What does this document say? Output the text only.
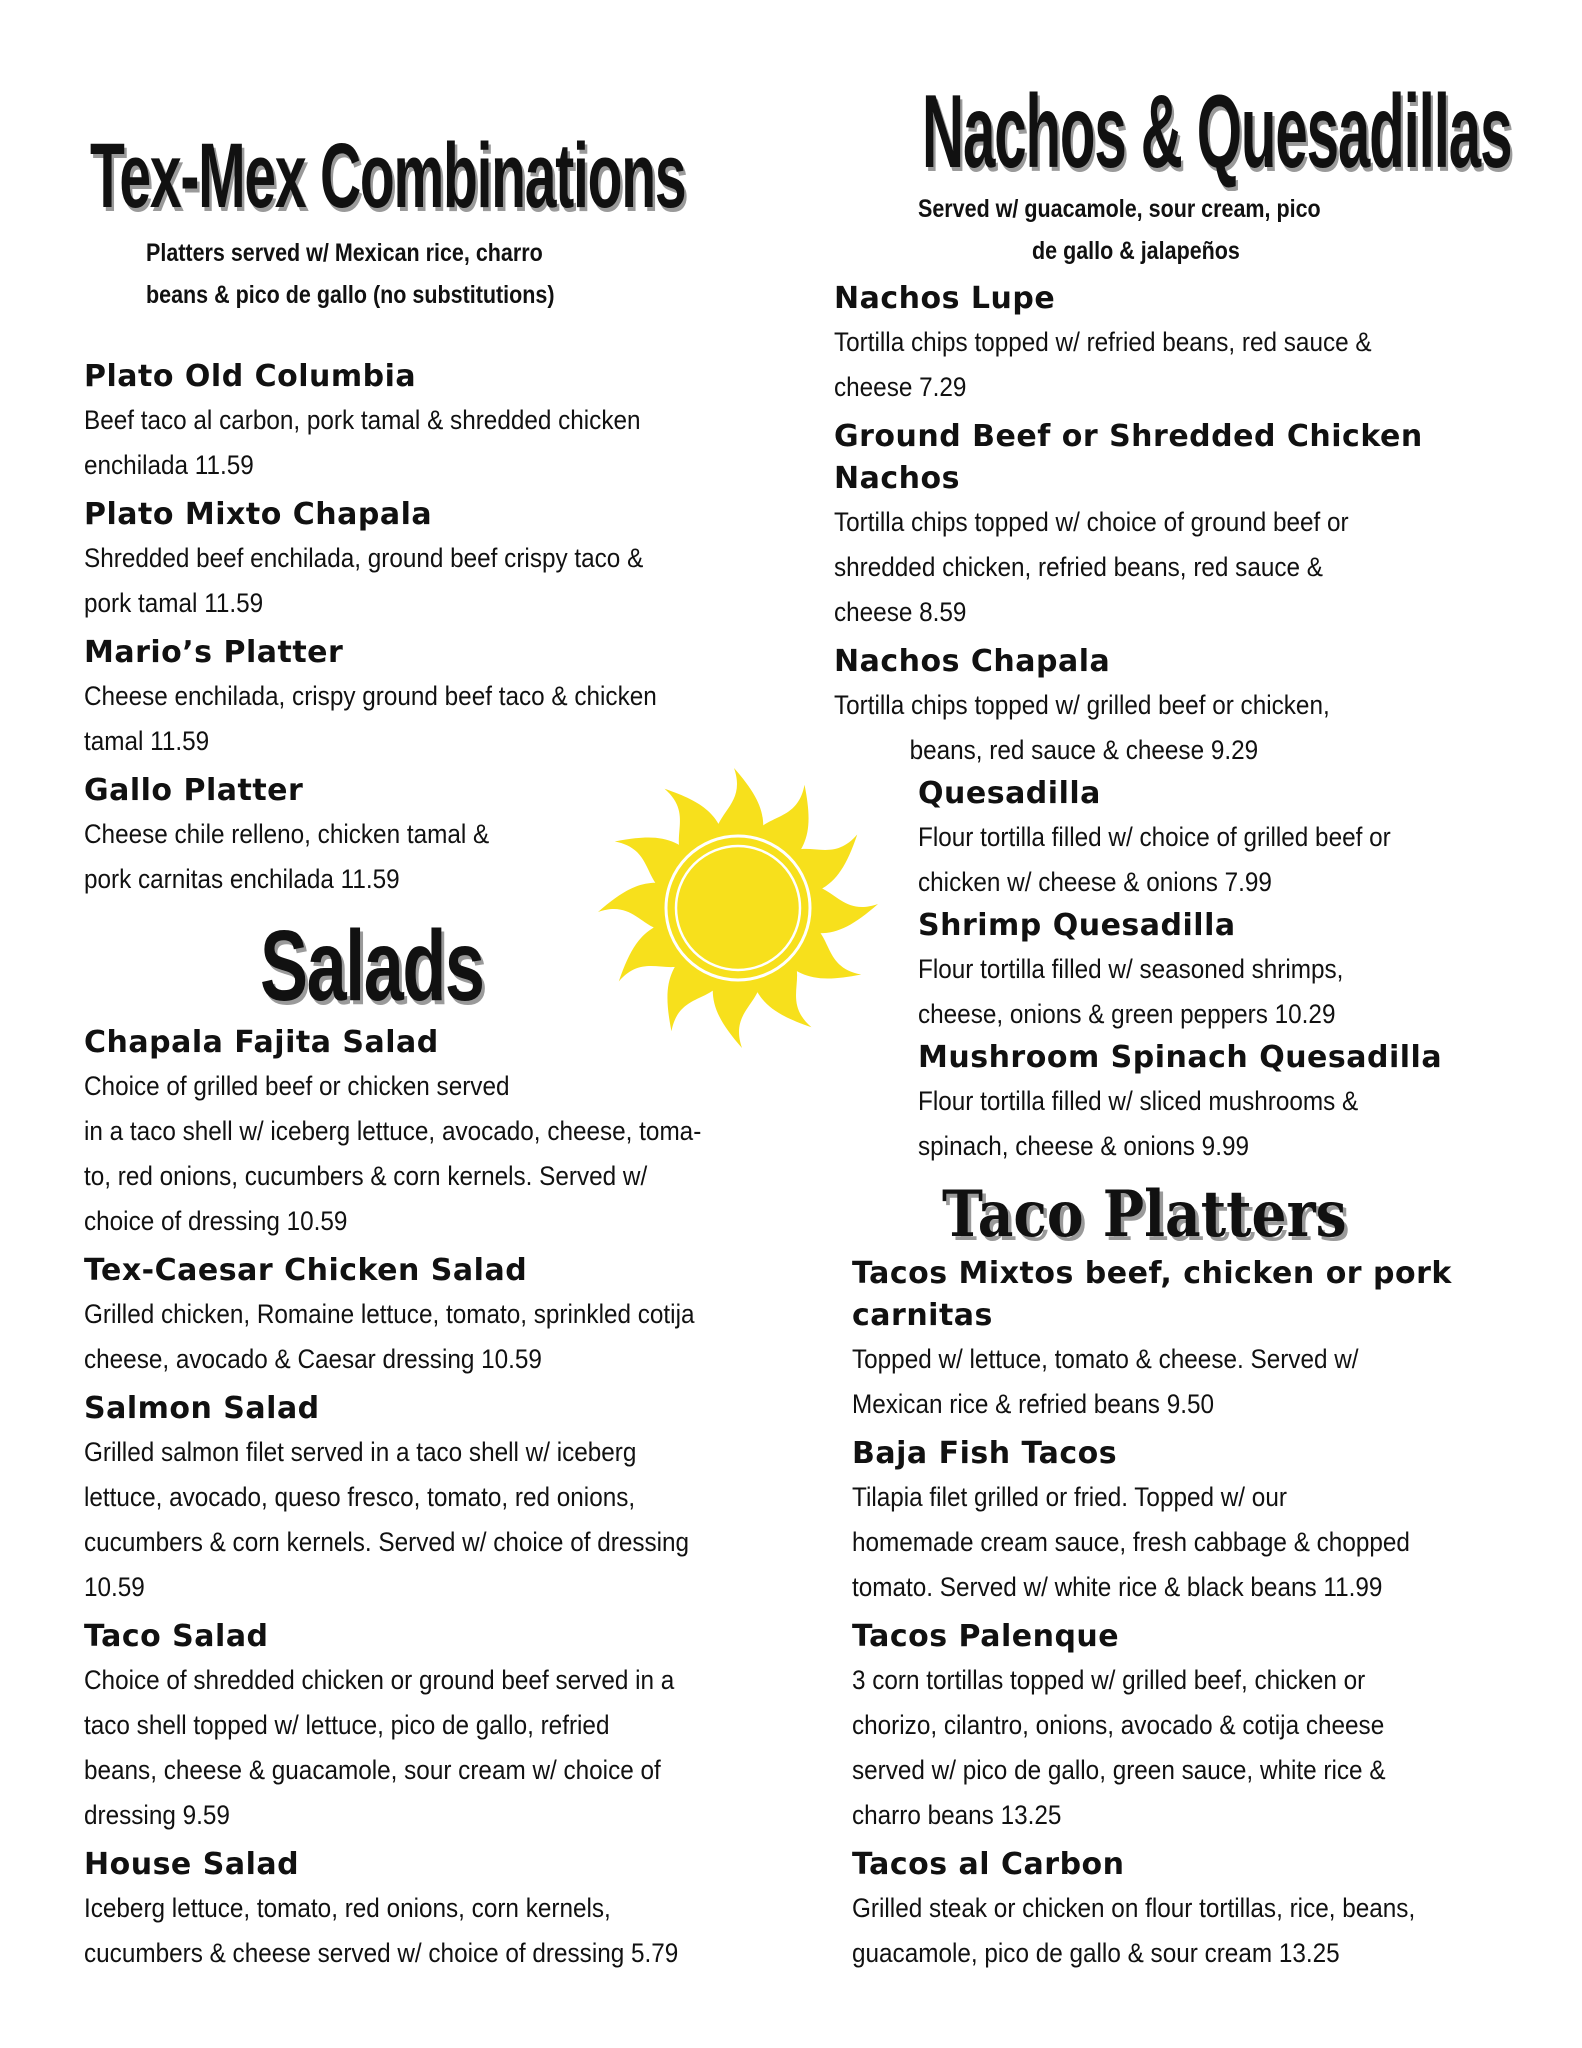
Tex-Mex Combinations
Platters served w/ Mexican rice, charro
beans & pico de gallo (no substitutions)
Plato Old Columbia
Beef taco al carbon, pork tamal & shredded chicken
enchilada 11.59
Plato Mixto Chapala
Shredded beef enchilada, ground beef crispy taco &
pork tamal 11.59
Mario’s Platter
Cheese enchilada, crispy ground beef taco & chicken
tamal 11.59
Gallo Platter
Cheese chile relleno, chicken tamal &
pork carnitas enchilada 11.59
Salads
Chapala Fajita Salad
Choice of grilled beef or chicken served
in a taco shell w/ iceberg lettuce, avocado, cheese, toma-
to, red onions, cucumbers & corn kernels. Served w/
choice of dressing 10.59
Tex-Caesar Chicken Salad
Grilled chicken, Romaine lettuce, tomato, sprinkled cotija
cheese, avocado & Caesar dressing 10.59
Salmon Salad
Grilled salmon filet served in a taco shell w/ iceberg
lettuce, avocado, queso fresco, tomato, red onions,
cucumbers & corn kernels. Served w/ choice of dressing
10.59
Taco Salad
Choice of shredded chicken or ground beef served in a
taco shell topped w/ lettuce, pico de gallo, refried
beans, cheese & guacamole, sour cream w/ choice of
dressing 9.59
House Salad
Iceberg lettuce, tomato, red onions, corn kernels,
cucumbers & cheese served w/ choice of dressing 5.79
Nachos & Quesadillas
Served w/ guacamole, sour cream, pico
de gallo & jalapeños
Nachos Lupe
Tortilla chips topped w/ refried beans, red sauce &
cheese 7.29
Ground Beef or Shredded Chicken
Nachos
Tortilla chips topped w/ choice of ground beef or
shredded chicken, refried beans, red sauce &
cheese 8.59
Nachos Chapala
Tortilla chips topped w/ grilled beef or chicken,
beans, red sauce & cheese 9.29
Quesadilla
Flour tortilla filled w/ choice of grilled beef or
chicken w/ cheese & onions 7.99
Shrimp Quesadilla
Flour tortilla filled w/ seasoned shrimps,
cheese, onions & green peppers 10.29
Mushroom Spinach Quesadilla
Flour tortilla filled w/ sliced mushrooms &
spinach, cheese & onions 9.99
Taco Platters
Tacos Mixtos beef, chicken or pork
carnitas
Topped w/ lettuce, tomato & cheese. Served w/
Mexican rice & refried beans 9.50
Baja Fish Tacos
Tilapia filet grilled or fried. Topped w/ our
homemade cream sauce, fresh cabbage & chopped
tomato. Served w/ white rice & black beans 11.99
Tacos Palenque
3 corn tortillas topped w/ grilled beef, chicken or
chorizo, cilantro, onions, avocado & cotija cheese
served w/ pico de gallo, green sauce, white rice &
charro beans 13.25
Tacos al Carbon
Grilled steak or chicken on flour tortillas, rice, beans,
guacamole, pico de gallo & sour cream 13.25
